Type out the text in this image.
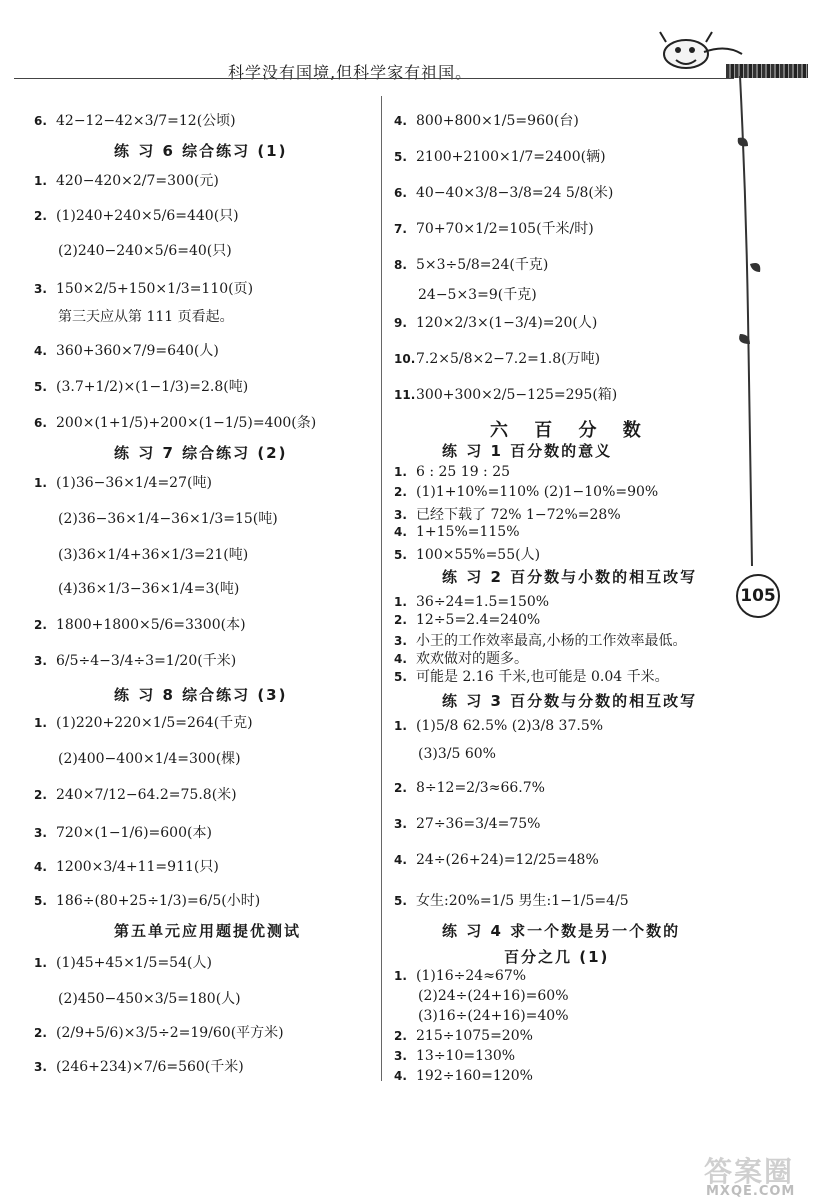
科学没有国境,但科学家有祖国。
105
6. 42−12−42×3/7=12(公顷)
练 习 6 综合练习 (1)
1. 420−420×2/7=300(元)
2. (1)240+240×5/6=440(只)
(2)240−240×5/6=40(只)
3. 150×2/5+150×1/3=110(页)
第三天应从第 111 页看起。
4. 360+360×7/9=640(人)
5. (3.7+1/2)×(1−1/3)=2.8(吨)
6. 200×(1+1/5)+200×(1−1/5)=400(条)
练 习 7 综合练习 (2)
1. (1)36−36×1/4=27(吨)
(2)36−36×1/4−36×1/3=15(吨)
(3)36×1/4+36×1/3=21(吨)
(4)36×1/3−36×1/4=3(吨)
2. 1800+1800×5/6=3300(本)
3. 6/5÷4−3/4÷3=1/20(千米)
练 习 8 综合练习 (3)
1. (1)220+220×1/5=264(千克)
(2)400−400×1/4=300(棵)
2. 240×7/12−64.2=75.8(米)
3. 720×(1−1/6)=600(本)
4. 1200×3/4+11=911(只)
5. 186÷(80+25÷1/3)=6/5(小时)
第五单元应用题提优测试
1. (1)45+45×1/5=54(人)
(2)450−450×3/5=180(人)
2. (2/9+5/6)×3/5÷2=19/60(平方米)
3. (246+234)×7/6=560(千米)
4. 800+800×1/5=960(台)
5. 2100+2100×1/7=2400(辆)
6. 40−40×3/8−3/8=24 5/8(米)
7. 70+70×1/2=105(千米/时)
8. 5×3÷5/8=24(千克)
24−5×3=9(千克)
9. 120×2/3×(1−3/4)=20(人)
10.7.2×5/8×2−7.2=1.8(万吨)
11.300+300×2/5−125=295(箱)
六 百 分 数
练 习 1 百分数的意义
1. 6 : 25 19 : 25
2. (1)1+10%=110% (2)1−10%=90%
3. 已经下载了 72% 1−72%=28%
4. 1+15%=115%
5. 100×55%=55(人)
练 习 2 百分数与小数的相互改写
1. 36÷24=1.5=150%
2. 12÷5=2.4=240%
3. 小王的工作效率最高,小杨的工作效率最低。
4. 欢欢做对的题多。
5. 可能是 2.16 千米,也可能是 0.04 千米。
练 习 3 百分数与分数的相互改写
1. (1)5/8 62.5% (2)3/8 37.5%
(3)3/5 60%
2. 8÷12=2/3≈66.7%
3. 27÷36=3/4=75%
4. 24÷(26+24)=12/25=48%
5. 女生:20%=1/5 男生:1−1/5=4/5
练 习 4 求一个数是另一个数的
百分之几 (1)
1. (1)16÷24≈67%
(2)24÷(24+16)=60%
(3)16÷(24+16)=40%
2. 215÷1075=20%
3. 13÷10=130%
4. 192÷160=120%
答案圈
MXQE.COM
